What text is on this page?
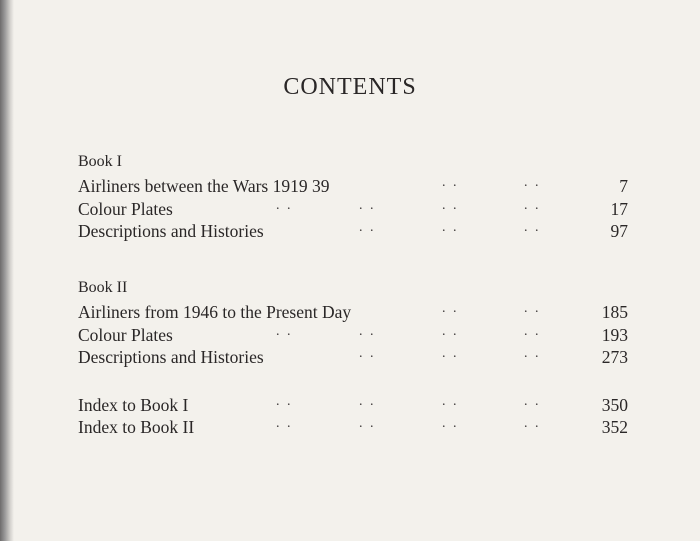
CONTENTS
Book I
Airliners between the Wars 1919 39	. .	. .	7
Colour Plates	. .	. .	. .	. .	17
Descriptions and Histories	. .	. .	. .	97
Book II
Airliners from 1946 to the Present Day	. .	. .	185
Colour Plates	. .	. .	. .	. .	193
Descriptions and Histories	. .	. .	. .	273
Index to Book I	. .	. .	. .	. .	350
Index to Book II	. .	. .	. .	. .	352
